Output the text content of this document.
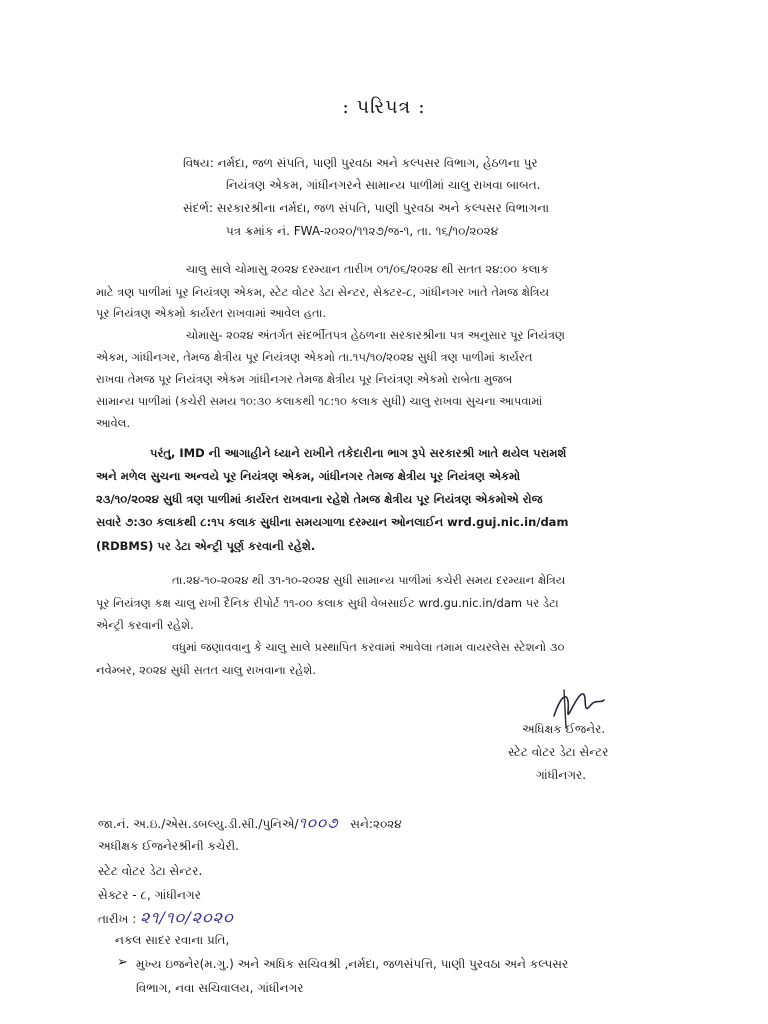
: પરિપત્ર :
વિષય: નર્મદા, જળ સંપતિ, પાણી પુરવઠા અને કલ્પસર વિભાગ, હેઠળના પુર
નિયંત્રણ એકમ, ગાંધીનગરને સામાન્ય પાળીમાં ચાલુ રાખવા બાબત.
સંદર્ભ: સરકારશ્રીના નર્મદા, જળ સંપતિ, પાણી પુરવઠા અને કલ્પસર વિભાગના
પત્ર ક્રમાંક નં. FWA-૨૦૨૦/૧૧૨૭/જ-૧, તા. ૧૬/૧૦/૨૦૨૪
ચાલુ સાલે ચોમાસુ ૨૦૨૪ દરમ્યાન તારીખ ૦૧/૦૬/૨૦૨૪ થી સતત ૨૪:૦૦ કલાક
માટે ત્રણ પાળીમાં પૂર નિયંત્રણ એકમ, સ્ટેટ વોટર ડેટા સેન્ટર, સેક્ટર-૮, ગાંધીનગર ખાતે તેમજ ક્ષેત્રિય
પૂર નિયંત્રણ એકમો કાર્યરત રાખવામાં આવેલ હતા.
ચોમાસુ- ૨૦૨૪ અંતર્ગત સંદર્ભીતપત્ર હેઠળના સરકારશ્રીના પત્ર અનુસાર પૂર નિયંત્રણ
એકમ, ગાંધીનગર, તેમજ ક્ષેત્રીય પૂર નિયંત્રણ એકમો તા.૧૫/૧૦/૨૦૨૪ સુધી ત્રણ પાળીમાં કાર્યરત
રાખવા તેમજ પૂર નિયંત્રણ એકમ ગાંધીનગર તેમજ ક્ષેત્રીય પૂર નિયંત્રણ એકમો રાબેતા મુજબ
સામાન્ય પાળીમાં (કચેરી સમય ૧૦:૩૦ કલાકથી ૧૮:૧૦ કલાક સુધી) ચાલુ રાખવા સુચના આપવામાં
આવેલ.
પરંતુ, IMD ની આગાહીને ધ્યાને રાખીને તકેદારીના ભાગ રૂપે સરકારશ્રી ખાતે થયેલ પરામર્શ
અને મળેલ સુચના અન્વયે પૂર નિયંત્રણ એકમ, ગાંધીનગર તેમજ ક્ષેત્રીય પૂર નિયંત્રણ એકમો
૨૩/૧૦/૨૦૨૪ સુધી ત્રણ પાળીમાં કાર્યરત રાખવાના રહેશે તેમજ ક્ષેત્રીય પૂર નિયંત્રણ એકમોએ રોજ
સવારે ૭:૩૦ કલાકથી ૮:૧૫ કલાક સુધીના સમયગાળા દરમ્યાન ઓનલાઈન wrd.guj.nic.in/dam
(RDBMS) પર ડેટા એન્ટ્રી પૂર્ણ કરવાની રહેશે.
તા.૨૪-૧૦-૨૦૨૪ થી ૩૧-૧૦-૨૦૨૪ સુધી સામાન્ય પાળીમાં કચેરી સમય દરમ્યાન ક્ષેત્રિય
પૂર નિયંત્રણ કક્ષ ચાલુ રાખી દૈનિક રીપોર્ટ ૧૧-૦૦ કલાક સુધી વેબસાઈટ wrd.gu.nic.in/dam પર ડેટા
એન્ટ્રી કરવાની રહેશે.
વધુમાં જણાવવાનુ કે ચાલુ સાલે પ્રસ્થાપિત કરવામાં આવેલા તમામ વાયરલેસ સ્ટેશનો ૩૦
નવેમ્બર, ૨૦૨૪ સુધી સતત ચાલુ રાખવાના રહેશે.
અધિક્ષક ઈજનેર.
સ્ટેટ વોટર ડેટા સેન્ટર
ગાંધીનગર.
જા.નં. અ.ઇ./એસ.ડબલ્યુ.ડી.સી./પુનિએ/૧૦૦૭ સને:૨૦૨૪
અધીક્ષક ઈજનેરશ્રીની કચેરી.
સ્ટેટ વોટર ડેટા સેન્ટર.
સેક્ટર - ૮, ગાંધીનગર
તારીખ : ૨૧/૧૦/૨૦૨૦
નકલ સાદર રવાના પ્રતિ,
➢ મુખ્ય ઇજનેર(મ.ગુ.) અને અધિક સચિવશ્રી ,નર્મદા, જળસંપત્તિ, પાણી પુરવઠા અને કલ્પસર
વિભાગ, નવા સચિવાલય, ગાંધીનગર
